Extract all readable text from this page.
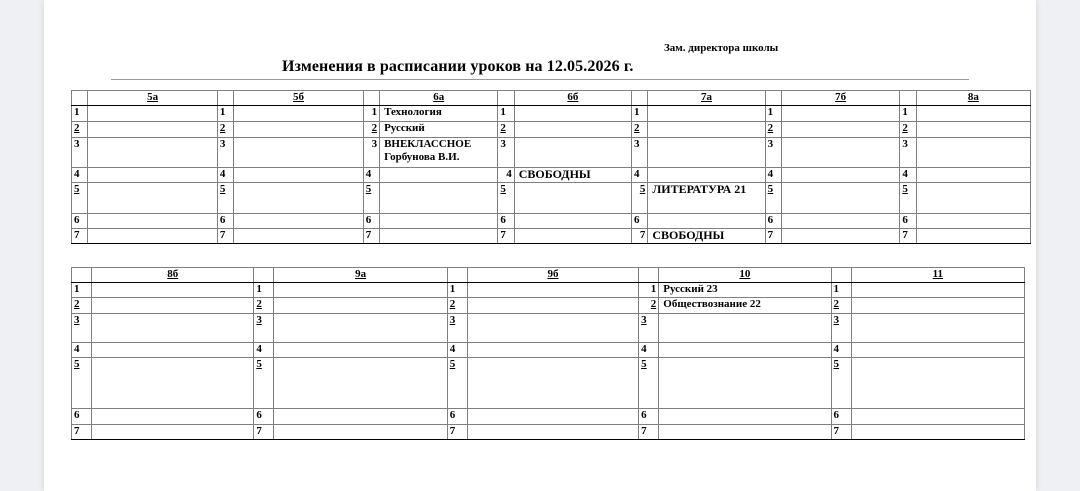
Зам. директора школы
Изменения в расписании уроков на 12.05.2026 г.
	5а		5б		6а		6б		7а		7б		8а
1		1		1	Технология	1		1		1		1	
2		2		2	Русский	2		2		2		2	
3		3		3	ВНЕКЛАССНОЕ Горбунова В.И.	3		3		3		3	
4		4		4		4	СВОБОДНЫ	4		4		4	
5		5		5		5		5	ЛИТЕРАТУРА 21	5		5	
6		6		6		6		6		6		6	
7		7		7		7		7	СВОБОДНЫ	7		7	
	8б		9а		9б		10		11
1		1		1		1	Русский 23	1	
2		2		2		2	Обществознание 22	2	
3		3		3		3		3	
4		4		4		4		4	
5		5		5		5		5	
6		6		6		6		6	
7		7		7		7		7	
